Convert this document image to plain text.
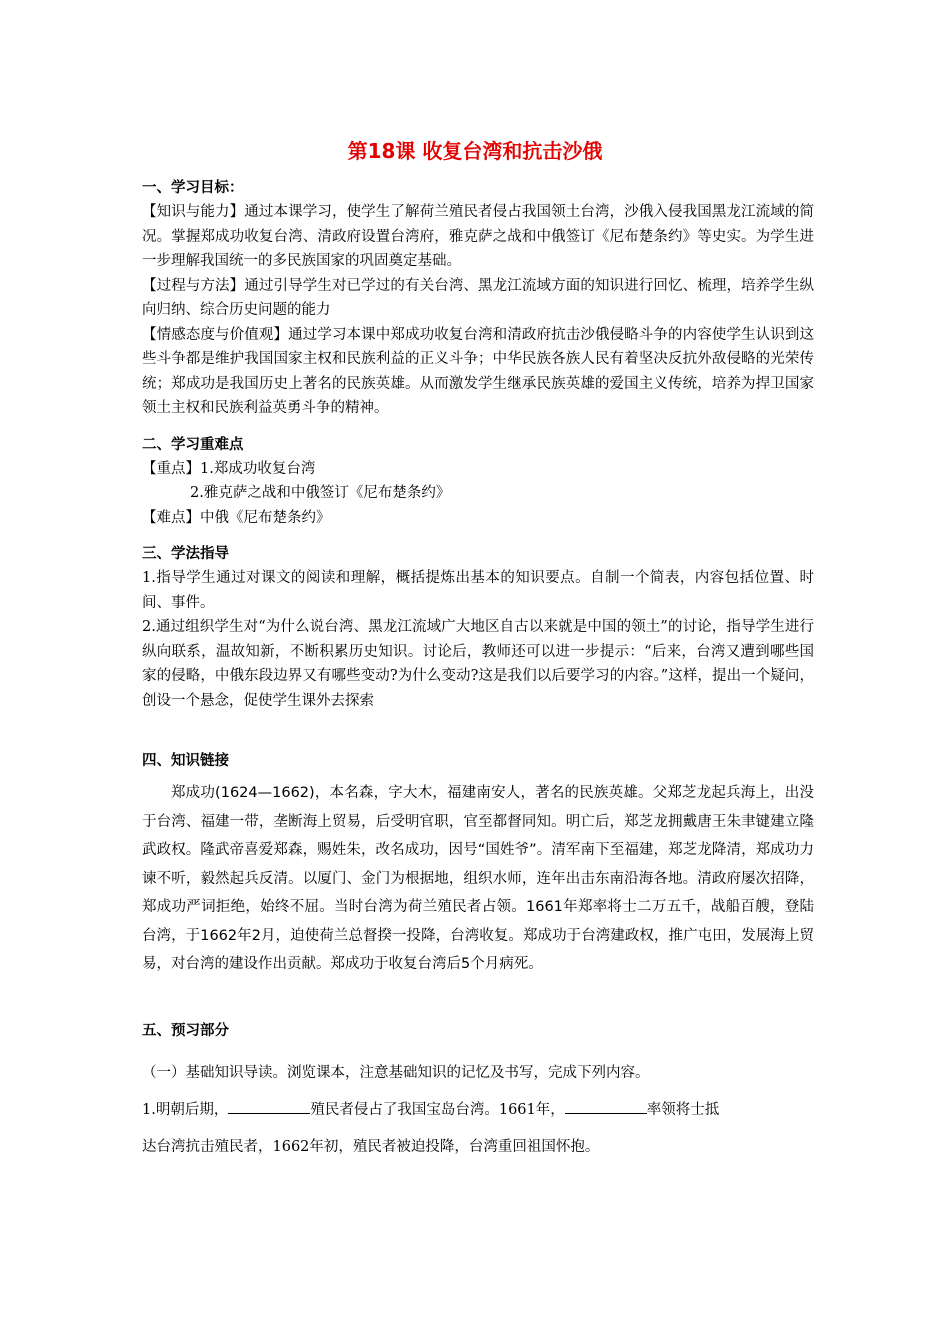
第18课 收复台湾和抗击沙俄

一、学习目标：

【知识与能力】通过本课学习，使学生了解荷兰殖民者侵占我国领土台湾，沙俄入侵我国黑龙江流域的简况。掌握郑成功收复台湾、清政府设置台湾府，雅克萨之战和中俄签订《尼布楚条约》等史实。为学生进一步理解我国统一的多民族国家的巩固奠定基础。

【过程与方法】通过引导学生对已学过的有关台湾、黑龙江流域方面的知识进行回忆、梳理，培养学生纵向归纳、综合历史问题的能力

【情感态度与价值观】通过学习本课中郑成功收复台湾和清政府抗击沙俄侵略斗争的内容使学生认识到这些斗争都是维护我国国家主权和民族利益的正义斗争；中华民族各族人民有着坚决反抗外敌侵略的光荣传统；郑成功是我国历史上著名的民族英雄。从而激发学生继承民族英雄的爱国主义传统，培养为捍卫国家领土主权和民族利益英勇斗争的精神。

二、学习重难点

【重点】1.郑成功收复台湾

2.雅克萨之战和中俄签订《尼布楚条约》

【难点】中俄《尼布楚条约》

三、学法指导

1.指导学生通过对课文的阅读和理解，概括提炼出基本的知识要点。自制一个简表，内容包括位置、时间、事件。

2.通过组织学生对“为什么说台湾、黑龙江流域广大地区自古以来就是中国的领土”的讨论，指导学生进行纵向联系，温故知新，不断积累历史知识。讨论后，教师还可以进一步提示：“后来，台湾又遭到哪些国家的侵略，中俄东段边界又有哪些变动?为什么变动?这是我们以后要学习的内容。”这样，提出一个疑问，创设一个悬念，促使学生课外去探索

四、知识链接

郑成功(1624—1662)，本名森，字大木，福建南安人，著名的民族英雄。父郑芝龙起兵海上，出没于台湾、福建一带，垄断海上贸易，后受明官职，官至都督同知。明亡后，郑芝龙拥戴唐王朱聿键建立隆武政权。隆武帝喜爱郑森，赐姓朱，改名成功，因号“国姓爷”。清军南下至福建，郑芝龙降清，郑成功力谏不听，毅然起兵反清。以厦门、金门为根据地，组织水师，连年出击东南沿海各地。清政府屡次招降，郑成功严词拒绝，始终不屈。当时台湾为荷兰殖民者占领。1661年郑率将士二万五千，战船百艘，登陆台湾，于1662年2月，迫使荷兰总督揆一投降，台湾收复。郑成功于台湾建政权，推广屯田，发展海上贸易，对台湾的建设作出贡献。郑成功于收复台湾后5个月病死。

五、预习部分

（一）基础知识导读。浏览课本，注意基础知识的记忆及书写，完成下列内容。

1.明朝后期，	殖民者侵占了我国宝岛台湾。1661年，	率领将士抵

达台湾抗击殖民者，1662年初，殖民者被迫投降，台湾重回祖国怀抱。
